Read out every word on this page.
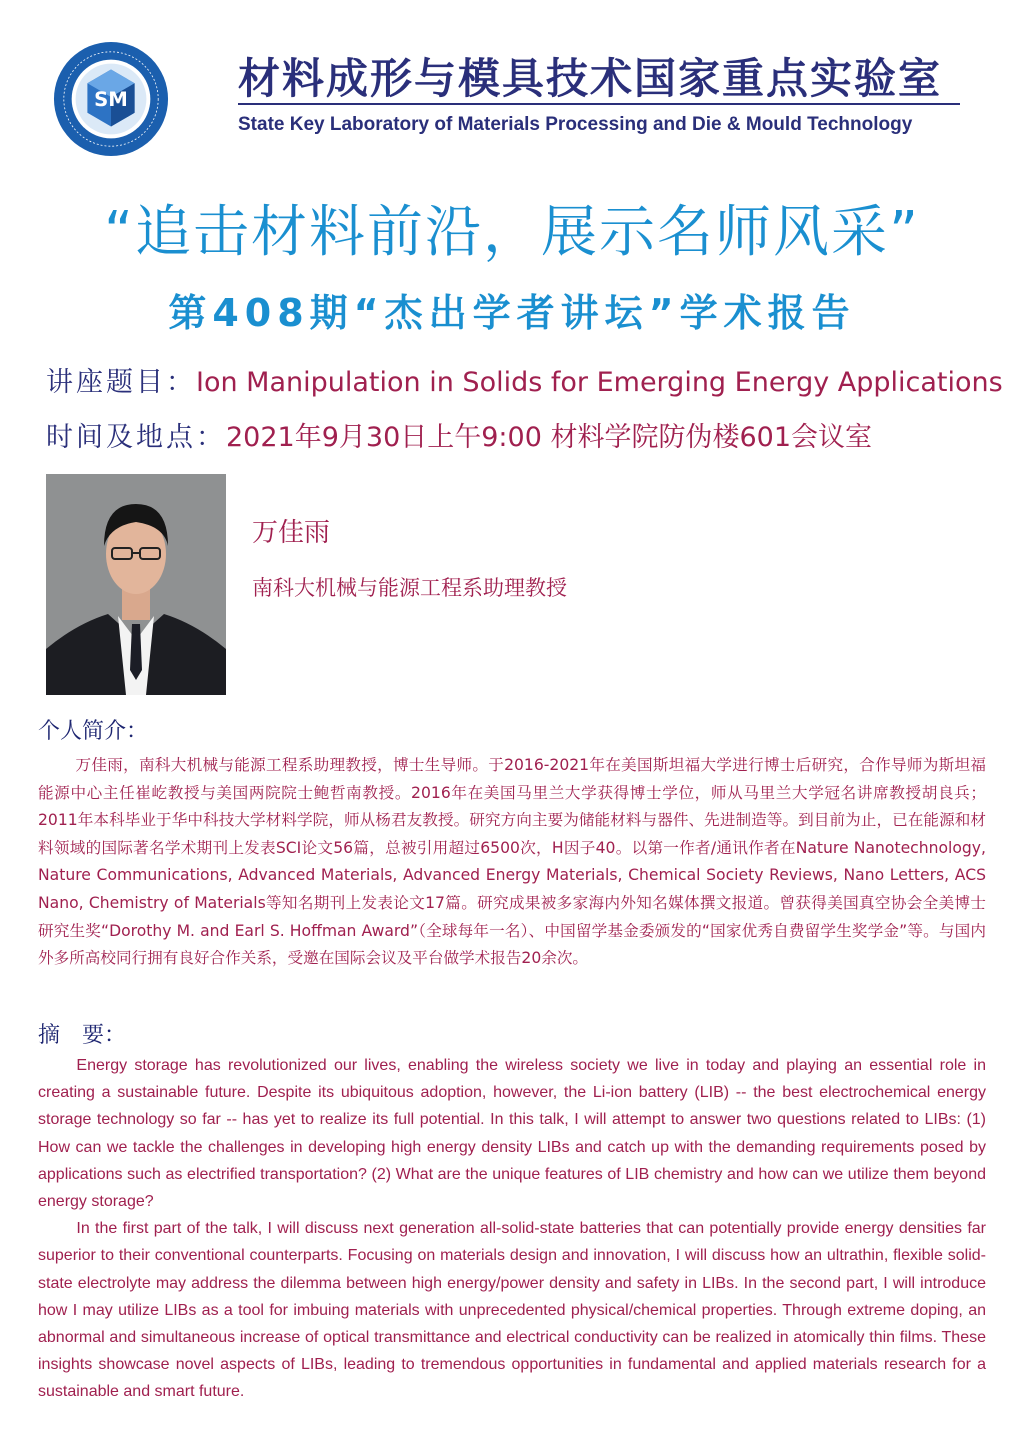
SM	材料成形与模具技术国家重点实验室
State Key Laboratory of Materials Processing and Die & Mould Technology
“追击材料前沿，展示名师风采”
第408期“杰出学者讲坛”学术报告
讲座题目：Ion Manipulation in Solids for Emerging Energy Applications
时间及地点：2021年9月30日上午9:00 材料学院防伪楼601会议室
万佳雨
南科大机械与能源工程系助理教授
个人简介：

万佳雨，南科大机械与能源工程系助理教授，博士生导师。于2016-2021年在美国斯坦福大学进行博士后研究，合作导师为斯坦福能源中心主任崔屹教授与美国两院院士鲍哲南教授。2016年在美国马里兰大学获得博士学位，师从马里兰大学冠名讲席教授胡良兵；2011年本科毕业于华中科技大学材料学院，师从杨君友教授。研究方向主要为储能材料与器件、先进制造等。到目前为止，已在能源和材料领域的国际著名学术期刊上发表SCI论文56篇，总被引用超过6500次，H因子40。以第一作者/通讯作者在Nature Nanotechnology, Nature Communications, Advanced Materials, Advanced Energy Materials, Chemical Society Reviews, Nano Letters, ACS Nano, Chemistry of Materials等知名期刊上发表论文17篇。研究成果被多家海内外知名媒体撰文报道。曾获得美国真空协会全美博士研究生奖“Dorothy M. and Earl S. Hoffman Award”（全球每年一名）、中国留学基金委颁发的“国家优秀自费留学生奖学金”等。与国内外多所高校同行拥有良好合作关系，受邀在国际会议及平台做学术报告20余次。

摘　要：

Energy storage has revolutionized our lives, enabling the wireless society we live in today and playing an essential role in creating a sustainable future. Despite its ubiquitous adoption, however, the Li-ion battery (LIB) -- the best electrochemical energy storage technology so far -- has yet to realize its full potential. In this talk, I will attempt to answer two questions related to LIBs: (1) How can we tackle the challenges in developing high energy density LIBs and catch up with the demanding requirements posed by applications such as electrified transportation? (2) What are the unique features of LIB chemistry and how can we utilize them beyond energy storage?

In the first part of the talk, I will discuss next generation all-solid-state batteries that can potentially provide energy densities far superior to their conventional counterparts. Focusing on materials design and innovation, I will discuss how an ultrathin, flexible solid-state electrolyte may address the dilemma between high energy/power density and safety in LIBs. In the second part, I will introduce how I may utilize LIBs as a tool for imbuing materials with unprecedented physical/chemical properties. Through extreme doping, an abnormal and simultaneous increase of optical transmittance and electrical conductivity can be realized in atomically thin films. These insights showcase novel aspects of LIBs, leading to tremendous opportunities in fundamental and applied materials research for a sustainable and smart future.
